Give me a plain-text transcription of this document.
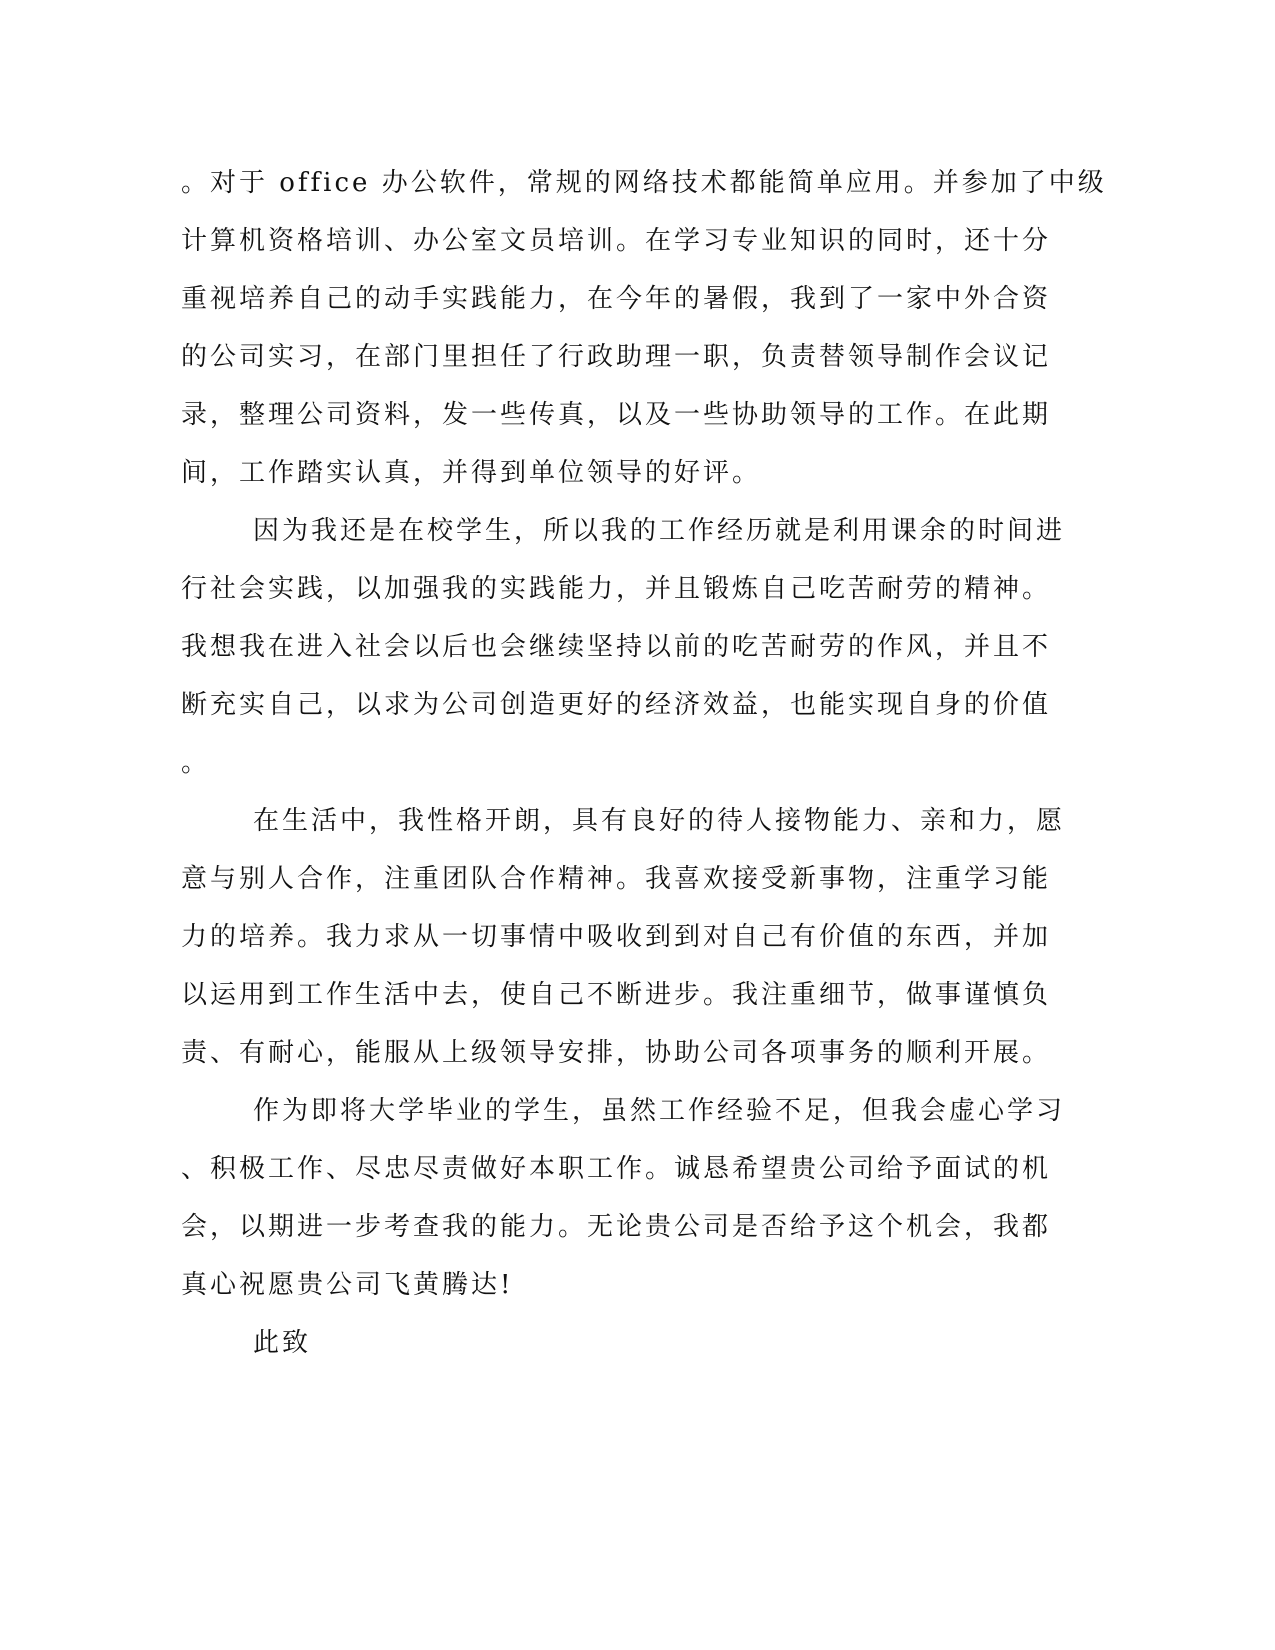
。对于 office 办公软件，常规的网络技术都能简单应用。并参加了中级
计算机资格培训、办公室文员培训。在学习专业知识的同时，还十分
重视培养自己的动手实践能力，在今年的暑假，我到了一家中外合资
的公司实习，在部门里担任了行政助理一职，负责替领导制作会议记
录，整理公司资料，发一些传真，以及一些协助领导的工作。在此期
间，工作踏实认真，并得到单位领导的好评。
因为我还是在校学生，所以我的工作经历就是利用课余的时间进
行社会实践，以加强我的实践能力，并且锻炼自己吃苦耐劳的精神。
我想我在进入社会以后也会继续坚持以前的吃苦耐劳的作风，并且不
断充实自己，以求为公司创造更好的经济效益，也能实现自身的价值
。
在生活中，我性格开朗，具有良好的待人接物能力、亲和力，愿
意与别人合作，注重团队合作精神。我喜欢接受新事物，注重学习能
力的培养。我力求从一切事情中吸收到到对自己有价值的东西，并加
以运用到工作生活中去，使自己不断进步。我注重细节，做事谨慎负
责、有耐心，能服从上级领导安排，协助公司各项事务的顺利开展。
作为即将大学毕业的学生，虽然工作经验不足，但我会虚心学习
、积极工作、尽忠尽责做好本职工作。诚恳希望贵公司给予面试的机
会，以期进一步考查我的能力。无论贵公司是否给予这个机会，我都
真心祝愿贵公司飞黄腾达!
此致
